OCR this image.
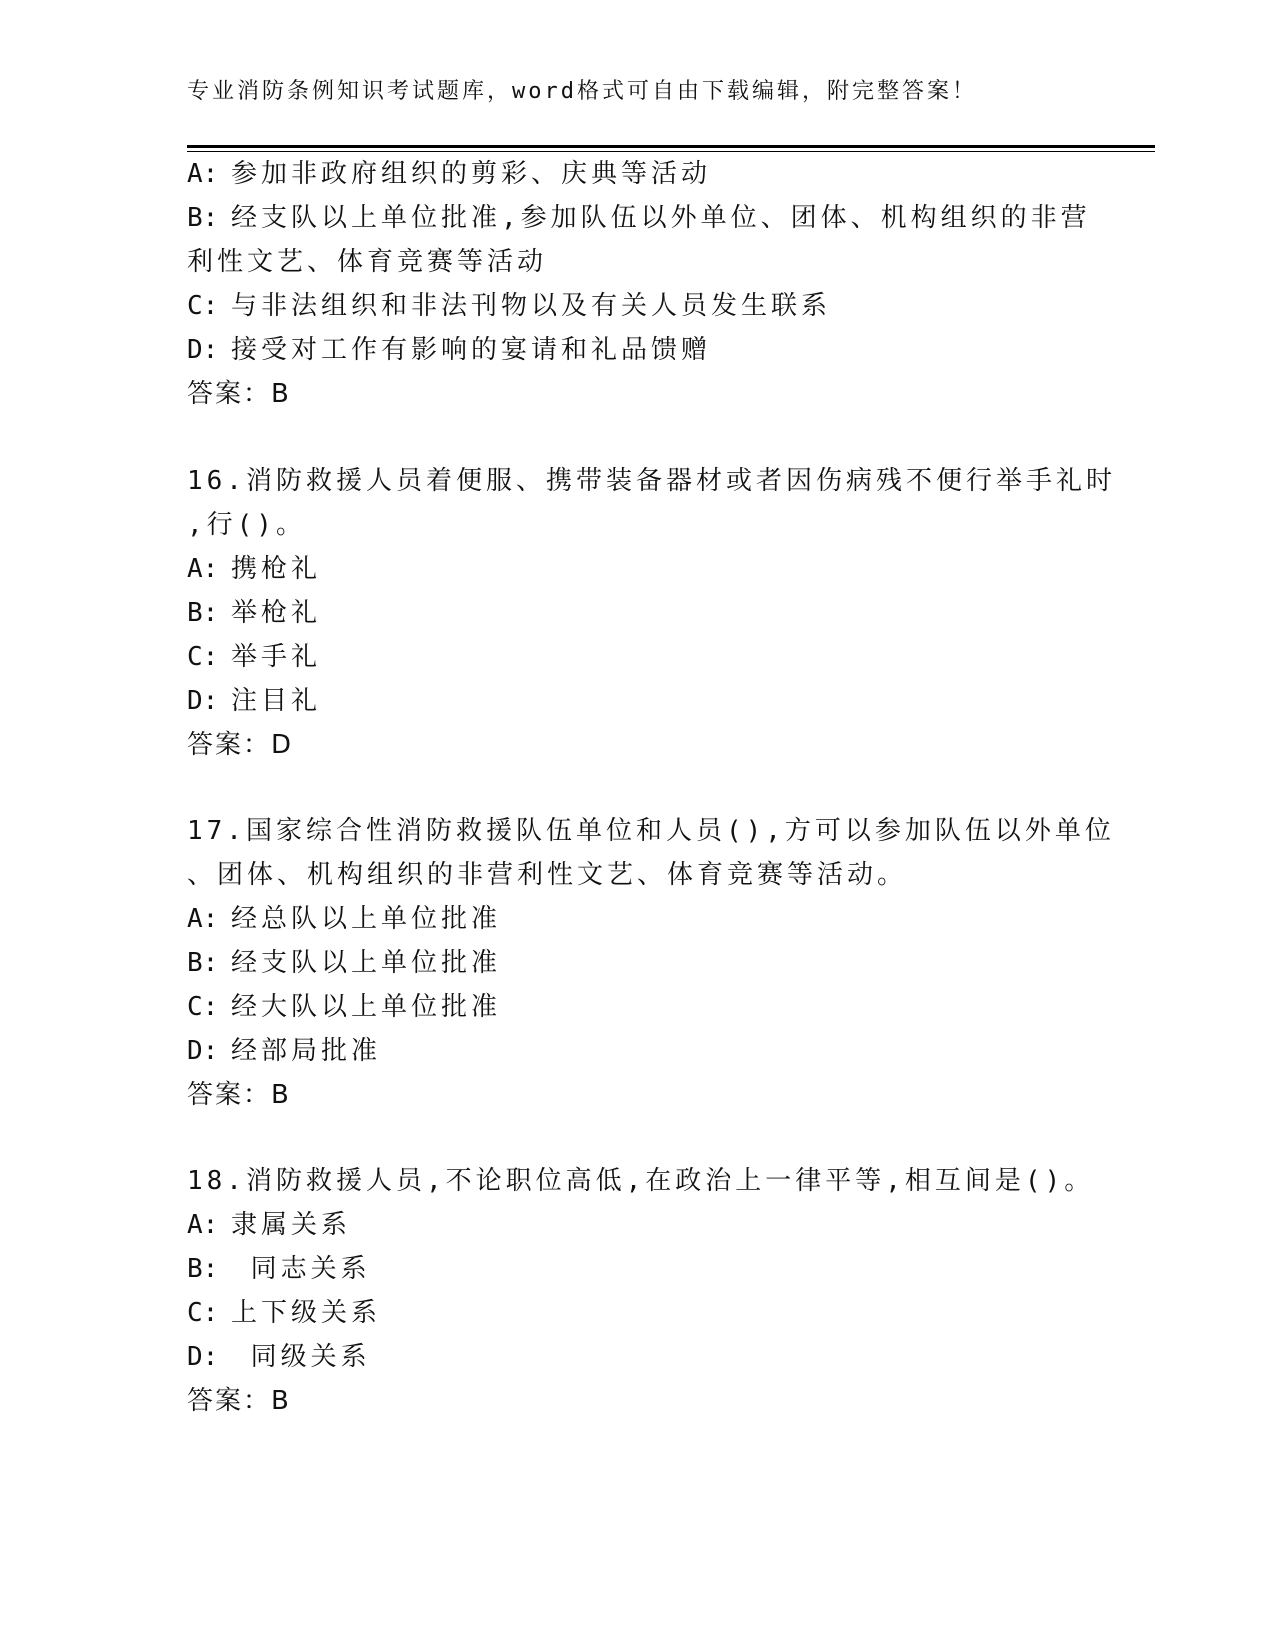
专业消防条例知识考试题库，word格式可自由下载编辑，附完整答案！
A: 参加非政府组织的剪彩、庆典等活动
B: 经支队以上单位批准,参加队伍以外单位、团体、机构组织的非营
利性文艺、体育竞赛等活动
C: 与非法组织和非法刊物以及有关人员发生联系
D: 接受对工作有影响的宴请和礼品馈赠
答案：B
16.消防救援人员着便服、携带装备器材或者因伤病残不便行举手礼时
,行()。
A: 携枪礼
B: 举枪礼
C: 举手礼
D: 注目礼
答案：D
17.国家综合性消防救援队伍单位和人员(),方可以参加队伍以外单位
、团体、机构组织的非营利性文艺、体育竞赛等活动。
A: 经总队以上单位批准
B: 经支队以上单位批准
C: 经大队以上单位批准
D: 经部局批准
答案：B
18.消防救援人员,不论职位高低,在政治上一律平等,相互间是()。
A: 隶属关系
B: 同志关系
C: 上下级关系
D: 同级关系
答案：B
